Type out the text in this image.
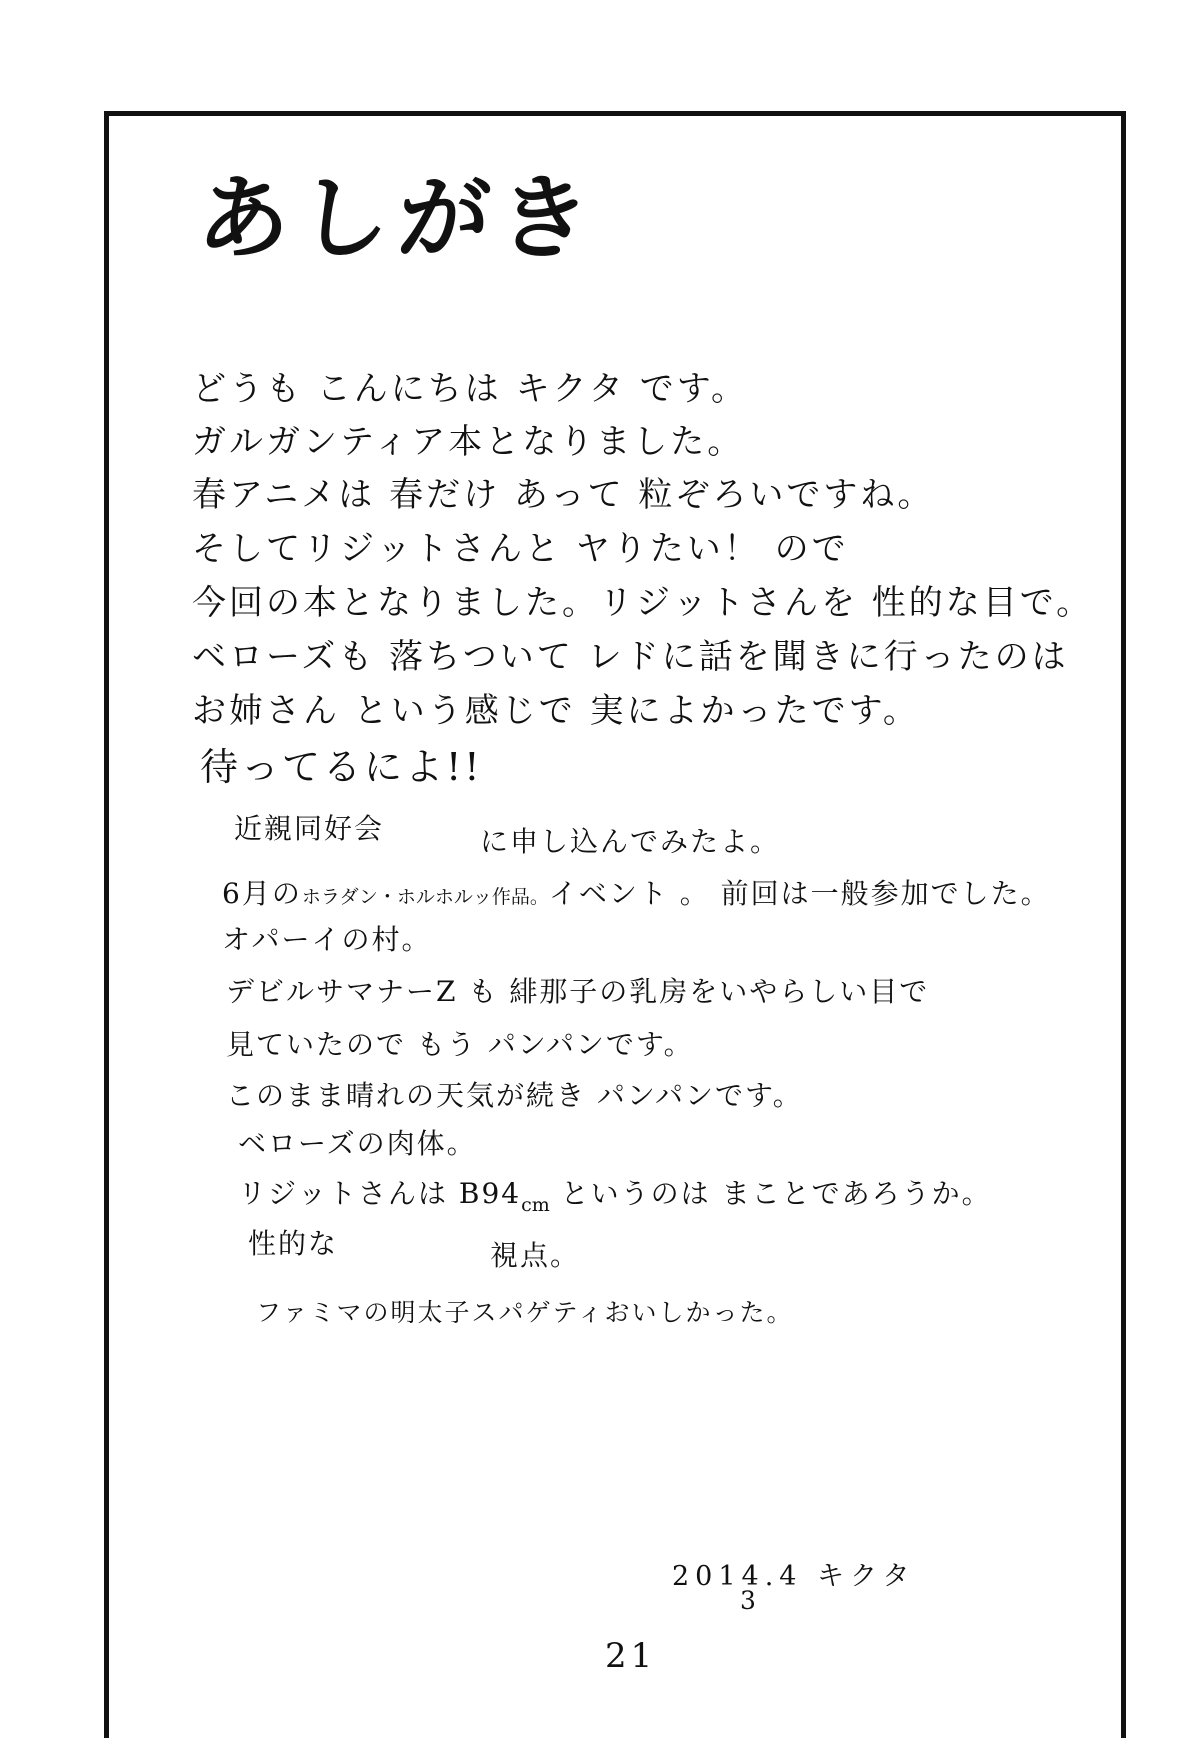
あしがき
どうも こんにちは キクタ です。
ガルガンティア本となりました。
春アニメは 春だけ あって 粒ぞろいですね。
そしてリジットさんと ヤりたい！ ので
今回の本となりました。リジットさんを 性的な目で。
ベローズも 落ちついて レドに話を聞きに行ったのは
お姉さん という感じで 実によかったです。
待ってるによ!!
近親同好会	に申し込んでみたよ。
6月のホラダン・ホルホルッ作品。イベント 。 前回は一般参加でした。
オパーイの村。
デビルサマナーZ も 緋那子の乳房をいやらしい目で
見ていたので もう パンパンです。
このまま晴れの天気が続き パンパンです。
ベローズの肉体。
リジットさんは $B94_{cm}$ というのは まことであろうか。
性的な	視点。
ファミマの明太子スパゲティおいしかった。
2014.4 キクタ
3
21
